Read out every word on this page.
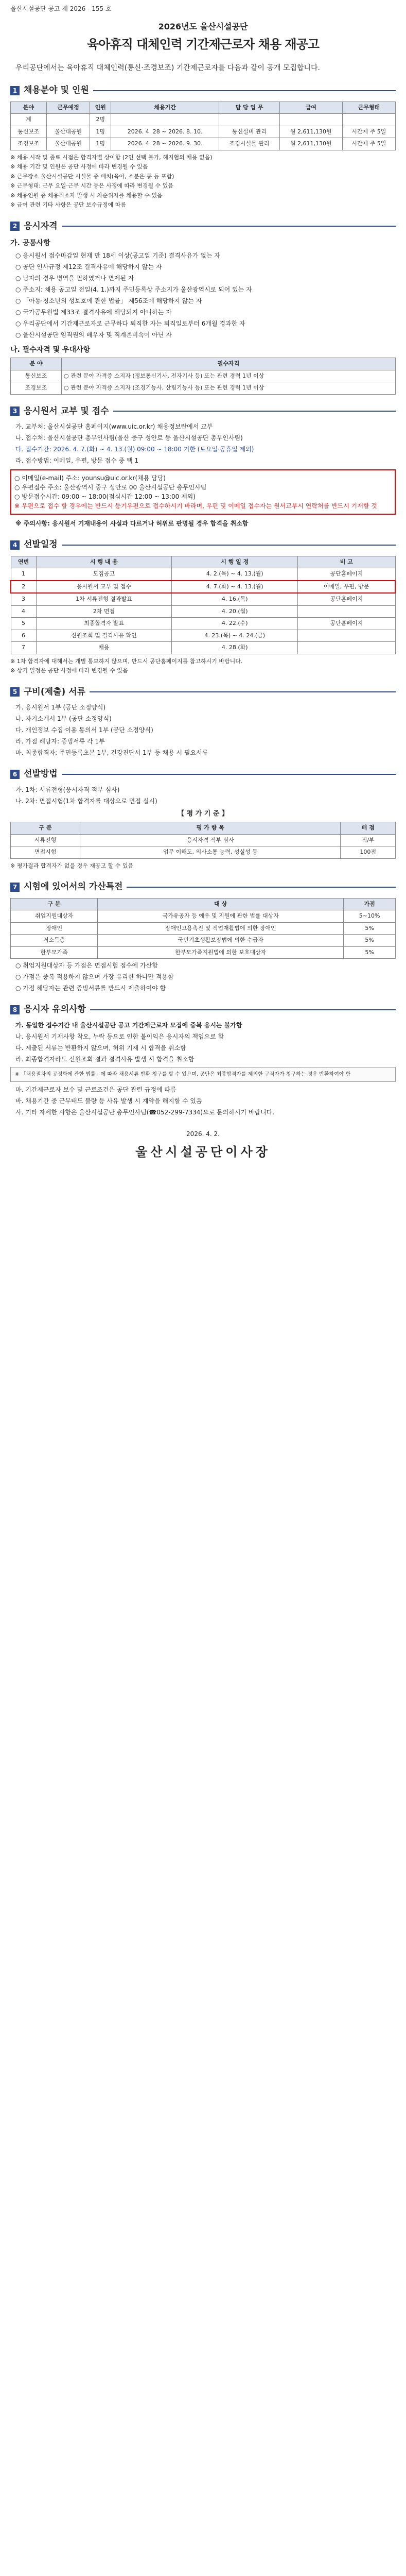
울산시설공단 공고 제 2026 - 155 호
2026년도 울산시설공단
육아휴직 대체인력 기간제근로자 채용 재공고
우리공단에서는 육아휴직 대체인력(통신·조경보조) 기간제근로자를 다음과 같이 공개 모집합니다.
1 채용분야 및 인원
분야	근무예정	인원	채용기간	담 당 업 무	급여	근무형태
계		2명				
통신보조	울산대공원	1명	2026. 4. 28 ~ 2026. 8. 10.	통신설비 관리	월 2,611,130원	시간제 주 5일
조경보조	울산대공원	1명	2026. 4. 28 ~ 2026. 9. 30.	조경시설물 관리	월 2,611,130원	시간제 주 5일
※ 채용 시작 및 종료 시점은 합격자별 상이함 (2인 선택 불가, 해지협의 채용 없음)
※ 채용 기간 및 인원은 공단 사정에 따라 변경될 수 있음
※ 근무장소 울산시설공단 시설물 중 배치(육아, 소분은 통 등 포함)
※ 근무형태: 근무 요일·근무 시간 등은 사정에 따라 변경될 수 있음
※ 채용인원 중 채용취소자 발생 시 차순위자를 채용할 수 있음
※ 급여 관련 기타 사항은 공단 보수규정에 따름
2 응시자격
가. 공통사항
○ 응시원서 접수마감일 현재 만 18세 이상(공고일 기준) 결격사유가 없는 자
○ 공단 인사규정 제12조 결격사유에 해당하지 않는 자
○ 남자의 경우 병역을 필하였거나 면제된 자
○ 주소지: 채용 공고일 전일(4. 1.)까지 주민등록상 주소지가 울산광역시로 되어 있는 자
○ 「아동·청소년의 성보호에 관한 법률」 제56조에 해당하지 않는 자
○ 국가공무원법 제33조 결격사유에 해당되지 아니하는 자
○ 우리공단에서 기간제근로자로 근무하다 퇴직한 자는 퇴직일로부터 6개월 경과한 자
○ 울산시설공단 임직원의 배우자 및 직계존비속이 아닌 자
나. 필수자격 및 우대사항
분 야	필수자격
통신보조	○ 관련 분야 자격증 소지자 (정보통신기사, 전자기사 등) 또는 관련 경력 1년 이상
조경보조	○ 관련 분야 자격증 소지자 (조경기능사, 산림기능사 등) 또는 관련 경력 1년 이상
3 응시원서 교부 및 접수
가. 교부처: 울산시설공단 홈페이지(www.uic.or.kr) 채용정보란에서 교부
나. 접수처: 울산시설공단 총무인사팀(울산 중구 성안로 등 울산시설공단 총무인사팀)
다. 접수기간: 2026. 4. 7.(화) ~ 4. 13.(월) 09:00 ~ 18:00 기한 (토요일·공휴일 제외)
라. 접수방법: 이메일, 우편, 방문 접수 중 택 1
○ 이메일(e-mail) 주소: younsu@uic.or.kr(채용 담당)
○ 우편접수 주소: 울산광역시 중구 성안로 00 울산시설공단 총무인사팀
○ 방문접수시간: 09:00 ~ 18:00(점심시간 12:00 ~ 13:00 제외)
※ 우편으로 접수 할 경우에는 반드시 등기우편으로 접수하시기 바라며, 우편 및 이메일 접수자는 원서교부시 연락처를 반드시 기재할 것
※ 주의사항: 응시원서 기재내용이 사실과 다르거나 허위로 판명될 경우 합격을 취소함
4 선발일정
연번	시 행 내 용	시 행 일 정	비 고
1	모집공고	4. 2.(목) ~ 4. 13.(월)	공단홈페이지
2	응시원서 교부 및 접수	4. 7.(화) ~ 4. 13.(월)	이메일, 우편, 방문
3	1차 서류전형 결과발표	4. 16.(목)	공단홈페이지
4	2차 면접	4. 20.(월)	
5	최종합격자 발표	4. 22.(수)	공단홈페이지
6	신원조회 및 결격사유 확인	4. 23.(목) ~ 4. 24.(금)	
7	채용	4. 28.(화)	
※ 1차 합격자에 대해서는 개별 통보하지 않으며, 반드시 공단홈페이지를 참고하시기 바랍니다.
※ 상기 일정은 공단 사정에 따라 변경될 수 있음
5 구비(제출) 서류
가. 응시원서 1부 (공단 소정양식)
나. 자기소개서 1부 (공단 소정양식)
다. 개인정보 수집·이용 동의서 1부 (공단 소정양식)
라. 가점 해당자: 증빙서류 각 1부
마. 최종합격자: 주민등록초본 1부, 건강진단서 1부 등 채용 시 필요서류
6 선발방법
가. 1차: 서류전형(응시자격 적부 심사)
나. 2차: 면접시험(1차 합격자를 대상으로 면접 실시)
【 평 가 기 준 】
구 분	평 가 항 목	배 점
서류전형	응시자격 적부 심사	적/부
면접시험	업무 이해도, 의사소통 능력, 성실성 등	100점
※ 평가결과 합격자가 없을 경우 재공고 할 수 있음
7 시험에 있어서의 가산특전
구 분	대 상	가점
취업지원대상자	국가유공자 등 예우 및 지원에 관한 법률 대상자	5~10%
장애인	장애인고용촉진 및 직업재활법에 의한 장애인	5%
저소득층	국민기초생활보장법에 의한 수급자	5%
한부모가족	한부모가족지원법에 의한 보호대상자	5%
○ 취업지원대상자 등 가점은 면접시험 점수에 가산함
○ 가점은 중복 적용하지 않으며 가장 유리한 하나만 적용함
○ 가점 해당자는 관련 증빙서류를 반드시 제출하여야 함
8 응시자 유의사항
가. 동일한 접수기간 내 울산시설공단 공고 기간제근로자 모집에 중복 응시는 불가함
나. 응시원서 기재사항 착오, 누락 등으로 인한 불이익은 응시자의 책임으로 함
다. 제출된 서류는 반환하지 않으며, 허위 기재 시 합격을 취소함
라. 최종합격자라도 신원조회 결과 결격사유 발생 시 합격을 취소함
※ 「채용절차의 공정화에 관한 법률」에 따라 채용서류 반환 청구를 할 수 있으며, 공단은 최종합격자를 제외한 구직자가 청구하는 경우 반환하여야 함
마. 기간제근로자 보수 및 근로조건은 공단 관련 규정에 따름
바. 채용기간 중 근무태도 불량 등 사유 발생 시 계약을 해지할 수 있음
사. 기타 자세한 사항은 울산시설공단 총무인사팀(☎052-299-7334)으로 문의하시기 바랍니다.
2026. 4. 2.
울산시설공단이사장
